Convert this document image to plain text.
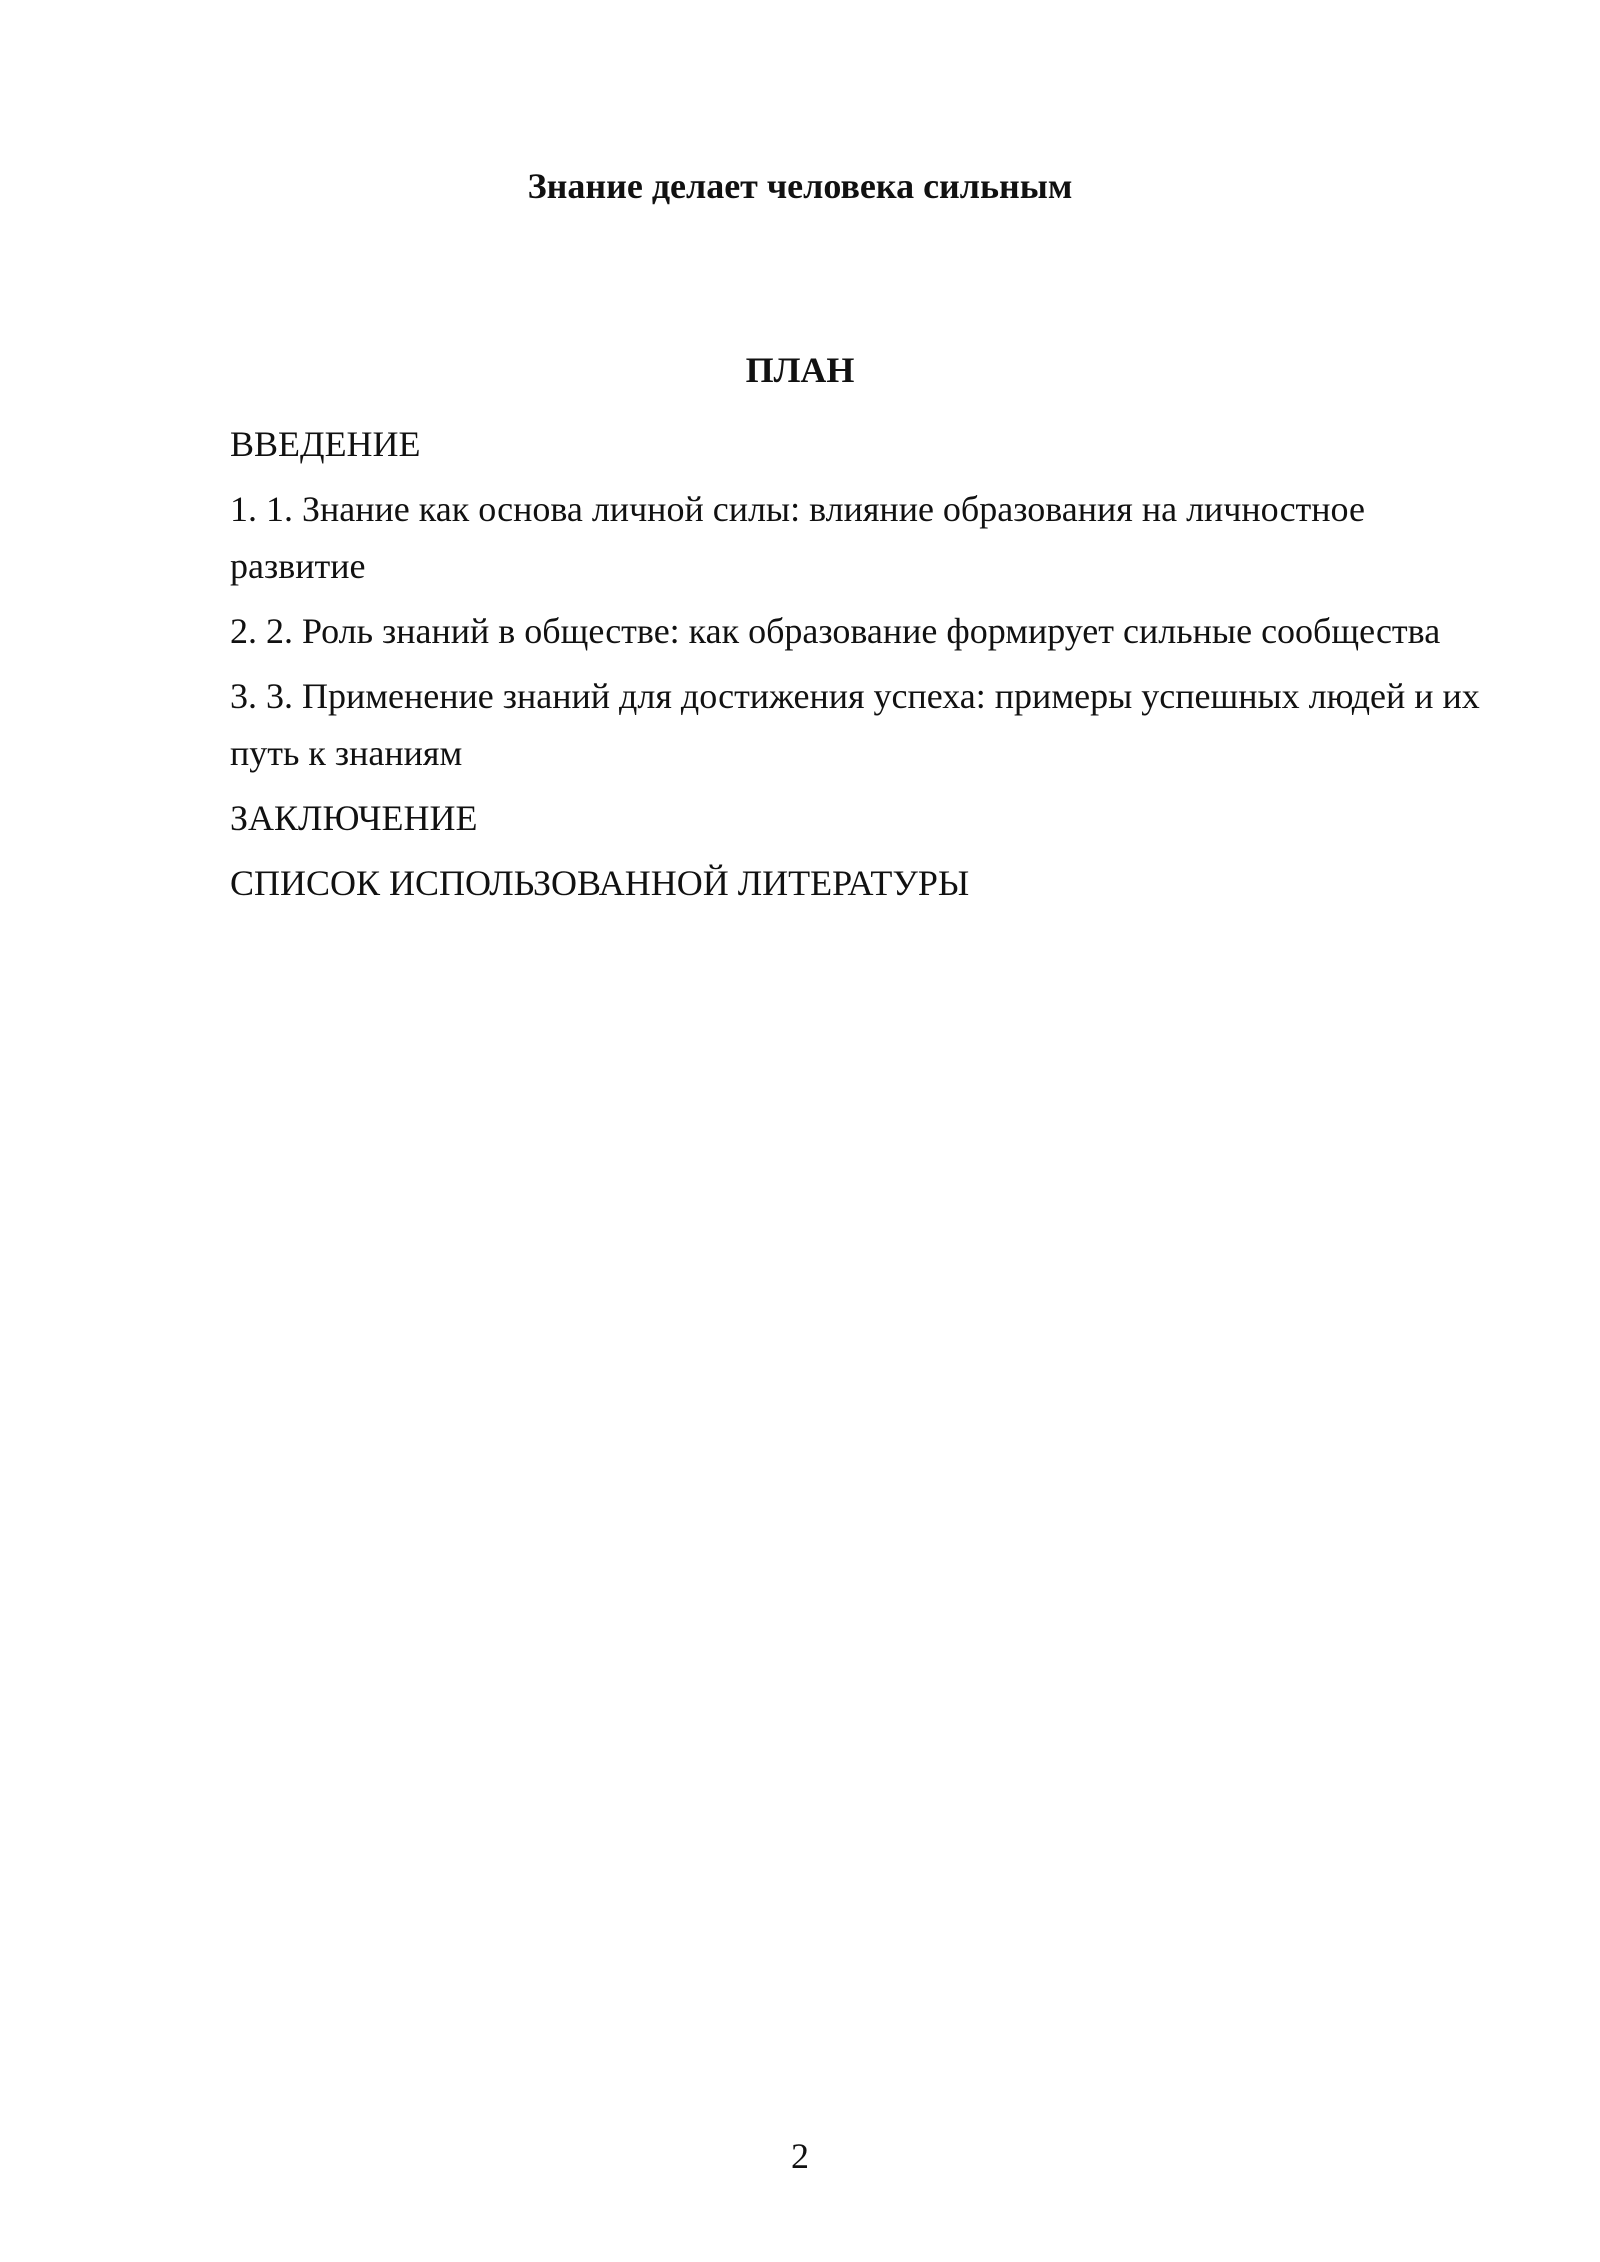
Знание делает человека сильным
ПЛАН
ВВЕДЕНИЕ
1. 1. Знание как основа личной силы: влияние образования на личностное развитие
2. 2. Роль знаний в обществе: как образование формирует сильные сообщества
3. 3. Применение знаний для достижения успеха: примеры успешных людей и их путь к знаниям
ЗАКЛЮЧЕНИЕ
СПИСОК ИСПОЛЬЗОВАННОЙ ЛИТЕРАТУРЫ
2
